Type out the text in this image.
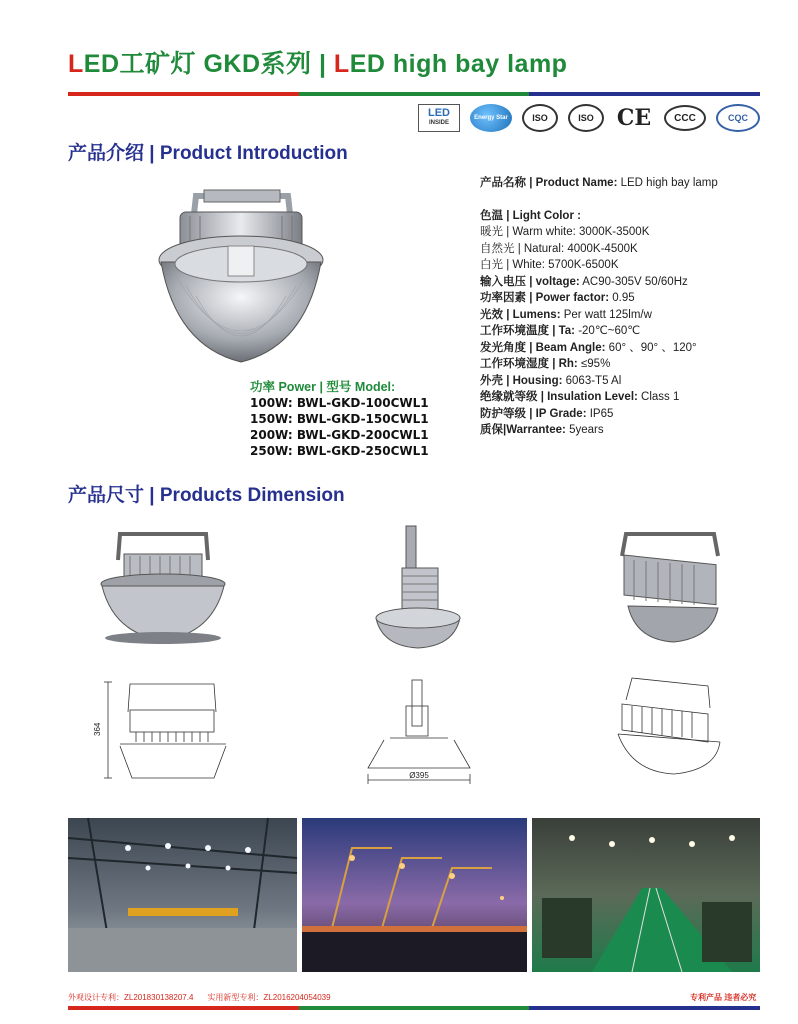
LED工矿灯 GKD系列 | LED high bay lamp
LED
INSIDE
Energy Star	ISO	ISO CE CCC	CQC
产品介绍 | Product Introduction
功率 Power | 型号 Model:
100W: BWL-GKD-100CWL1
150W: BWL-GKD-150CWL1
200W: BWL-GKD-200CWL1
250W: BWL-GKD-250CWL1
产品名称 | Product Name: LED high bay lamp
色温 | Light Color :
暖光 | Warm white: 3000K-3500K
自然光 | Natural: 4000K-4500K
白光 | White: 5700K-6500K
输入电压 | voltage: AC90-305V 50/60Hz
功率因素 | Power factor: 0.95
光效 | Lumens: Per watt 125lm/w
工作环境温度 | Ta: -20℃~60℃
发光角度 | Beam Angle: 60° 、90° 、120°
工作环境湿度 | Rh: ≤95%
外壳 | Housing: 6063-T5 Al
绝缘就等级 | Insulation Level: Class 1
防护等级 | IP Grade: IP65
质保|Warrantee: 5years
产品尺寸 | Products Dimension
364
Ø395
外观设计专利：ZL201830138207.4 实用新型专利：ZL2016204054039	专利产品 违者必究
